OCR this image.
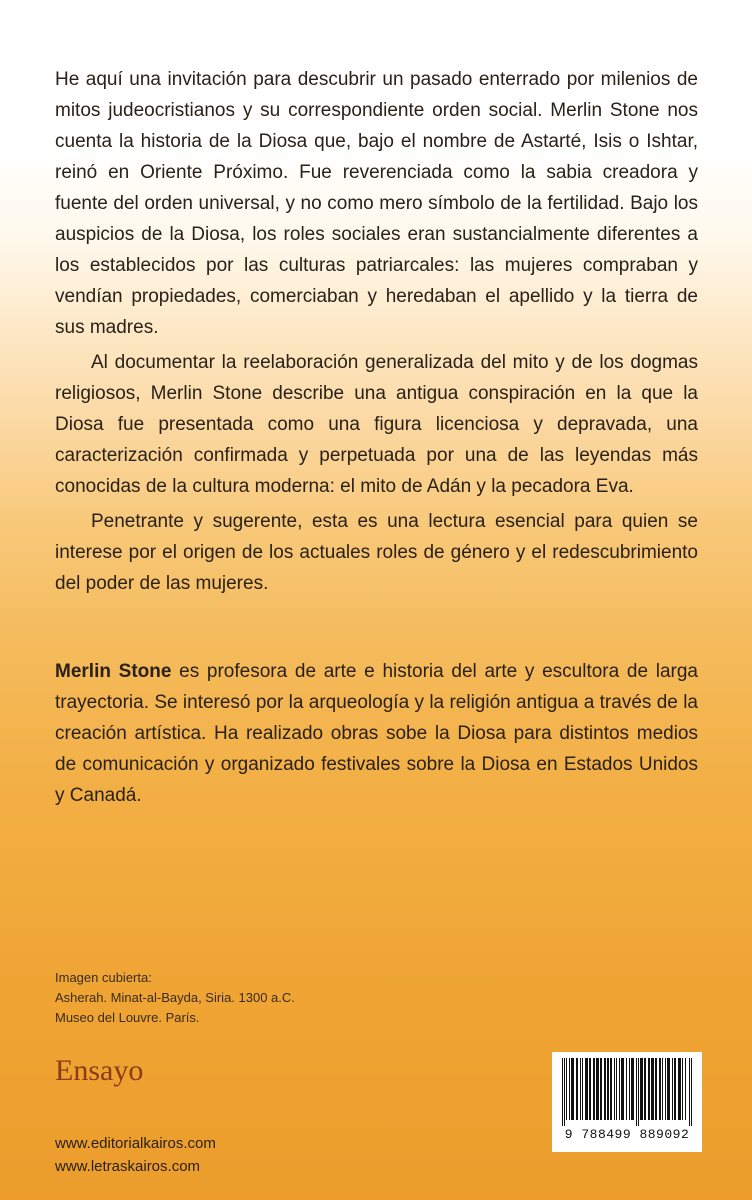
He aquí una invitación para descubrir un pasado enterrado por milenios de mitos judeocristianos y su correspondiente orden social. Merlin Stone nos cuenta la historia de la Diosa que, bajo el nombre de Astarté, Isis o Ishtar, reinó en Oriente Próximo. Fue reverenciada como la sabia creadora y fuente del orden universal, y no como mero símbolo de la fertilidad. Bajo los auspicios de la Diosa, los roles sociales eran sustancialmente diferentes a los establecidos por las culturas patriarcales: las mujeres compraban y vendían propiedades, comerciaban y heredaban el apellido y la tierra de sus madres.

Al documentar la reelaboración generalizada del mito y de los dogmas religiosos, Merlin Stone describe una antigua conspiración en la que la Diosa fue presentada como una figura licenciosa y depravada, una caracterización confirmada y perpetuada por una de las leyendas más conocidas de la cultura moderna: el mito de Adán y la pecadora Eva.

Penetrante y sugerente, esta es una lectura esencial para quien se interese por el origen de los actuales roles de género y el redescubrimiento del poder de las mujeres.

Merlin Stone es profesora de arte e historia del arte y escultora de larga trayectoria. Se interesó por la arqueología y la religión antigua a través de la creación artística. Ha realizado obras sobe la Diosa para distintos medios de comunicación y organizado festivales sobre la Diosa en Estados Unidos y Canadá.

Imagen cubierta:
Asherah. Minat-al-Bayda, Siria. 1300 a.C.
Museo del Louvre. París.
Ensayo
www.editorialkairos.com
www.letraskairos.com
9 788499 889092
